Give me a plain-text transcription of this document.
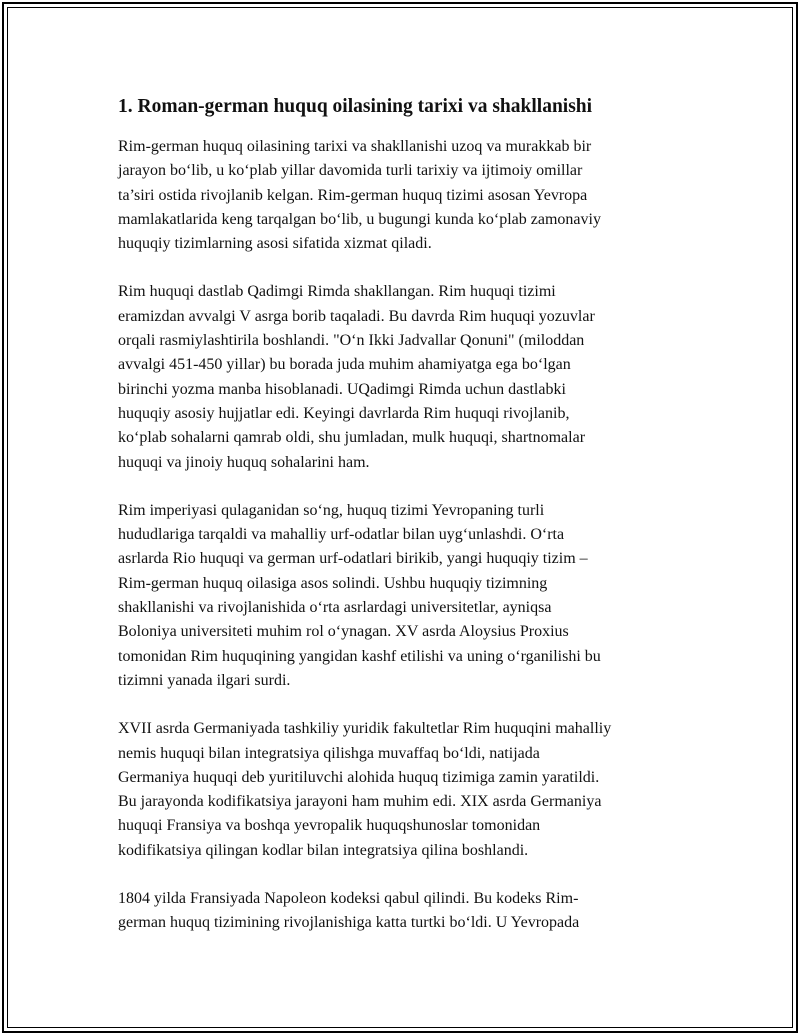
1. Roman-german huquq oilasining tarixi va shakllanishi

Rim-german huquq oilasining tarixi va shakllanishi uzoq va murakkab bir
jarayon bo‘lib, u ko‘plab yillar davomida turli tarixiy va ijtimoiy omillar
ta’siri ostida rivojlanib kelgan. Rim-german huquq tizimi asosan Yevropa
mamlakatlarida keng tarqalgan bo‘lib, u bugungi kunda ko‘plab zamonaviy
huquqiy tizimlarning asosi sifatida xizmat qiladi.

Rim huquqi dastlab Qadimgi Rimda shakllangan. Rim huquqi tizimi
eramizdan avvalgi V asrga borib taqaladi. Bu davrda Rim huquqi yozuvlar
orqali rasmiylashtirila boshlandi. "O‘n Ikki Jadvallar Qonuni" (miloddan
avvalgi 451-450 yillar) bu borada juda muhim ahamiyatga ega bo‘lgan
birinchi yozma manba hisoblanadi. UQadimgi Rimda uchun dastlabki
huquqiy asosiy hujjatlar edi. Keyingi davrlarda Rim huquqi rivojlanib,
ko‘plab sohalarni qamrab oldi, shu jumladan, mulk huquqi, shartnomalar
huquqi va jinoiy huquq sohalarini ham.

Rim imperiyasi qulaganidan so‘ng, huquq tizimi Yevropaning turli
hududlariga tarqaldi va mahalliy urf-odatlar bilan uyg‘unlashdi. O‘rta
asrlarda Rio huquqi va german urf-odatlari birikib, yangi huquqiy tizim –
Rim-german huquq oilasiga asos solindi. Ushbu huquqiy tizimning
shakllanishi va rivojlanishida o‘rta asrlardagi universitetlar, ayniqsa
Boloniya universiteti muhim rol o‘ynagan. XV asrda Aloysius Proxius
tomonidan Rim huquqining yangidan kashf etilishi va uning o‘rganilishi bu
tizimni yanada ilgari surdi.

XVII asrda Germaniyada tashkiliy yuridik fakultetlar Rim huquqini mahalliy
nemis huquqi bilan integratsiya qilishga muvaffaq bo‘ldi, natijada
Germaniya huquqi deb yuritiluvchi alohida huquq tizimiga zamin yaratildi.
Bu jarayonda kodifikatsiya jarayoni ham muhim edi. XIX asrda Germaniya
huquqi Fransiya va boshqa yevropalik huquqshunoslar tomonidan
kodifikatsiya qilingan kodlar bilan integratsiya qilina boshlandi.

1804 yilda Fransiyada Napoleon kodeksi qabul qilindi. Bu kodeks Rim-
german huquq tizimining rivojlanishiga katta turtki bo‘ldi. U Yevropada
